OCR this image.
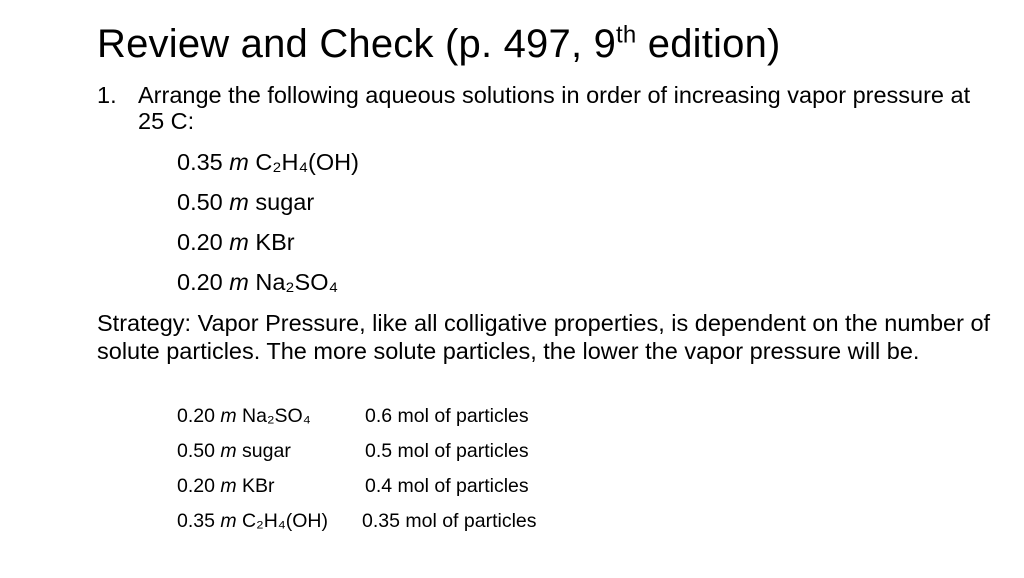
Review and Check (p. 497, 9th edition)
1. Arrange the following aqueous solutions in order of increasing vapor pressure at 25 C:
0.35 m C₂H₄(OH)
0.50 m sugar
0.20 m KBr
0.20 m Na₂SO₄
Strategy: Vapor Pressure, like all colligative properties, is dependent on the number of solute particles. The more solute particles, the lower the vapor pressure will be.
0.20 m Na₂SO₄	0.6 mol of particles
0.50 m sugar	0.5 mol of particles
0.20 m KBr	0.4 mol of particles
0.35 m C₂H₄(OH) 0.35 mol of particles
